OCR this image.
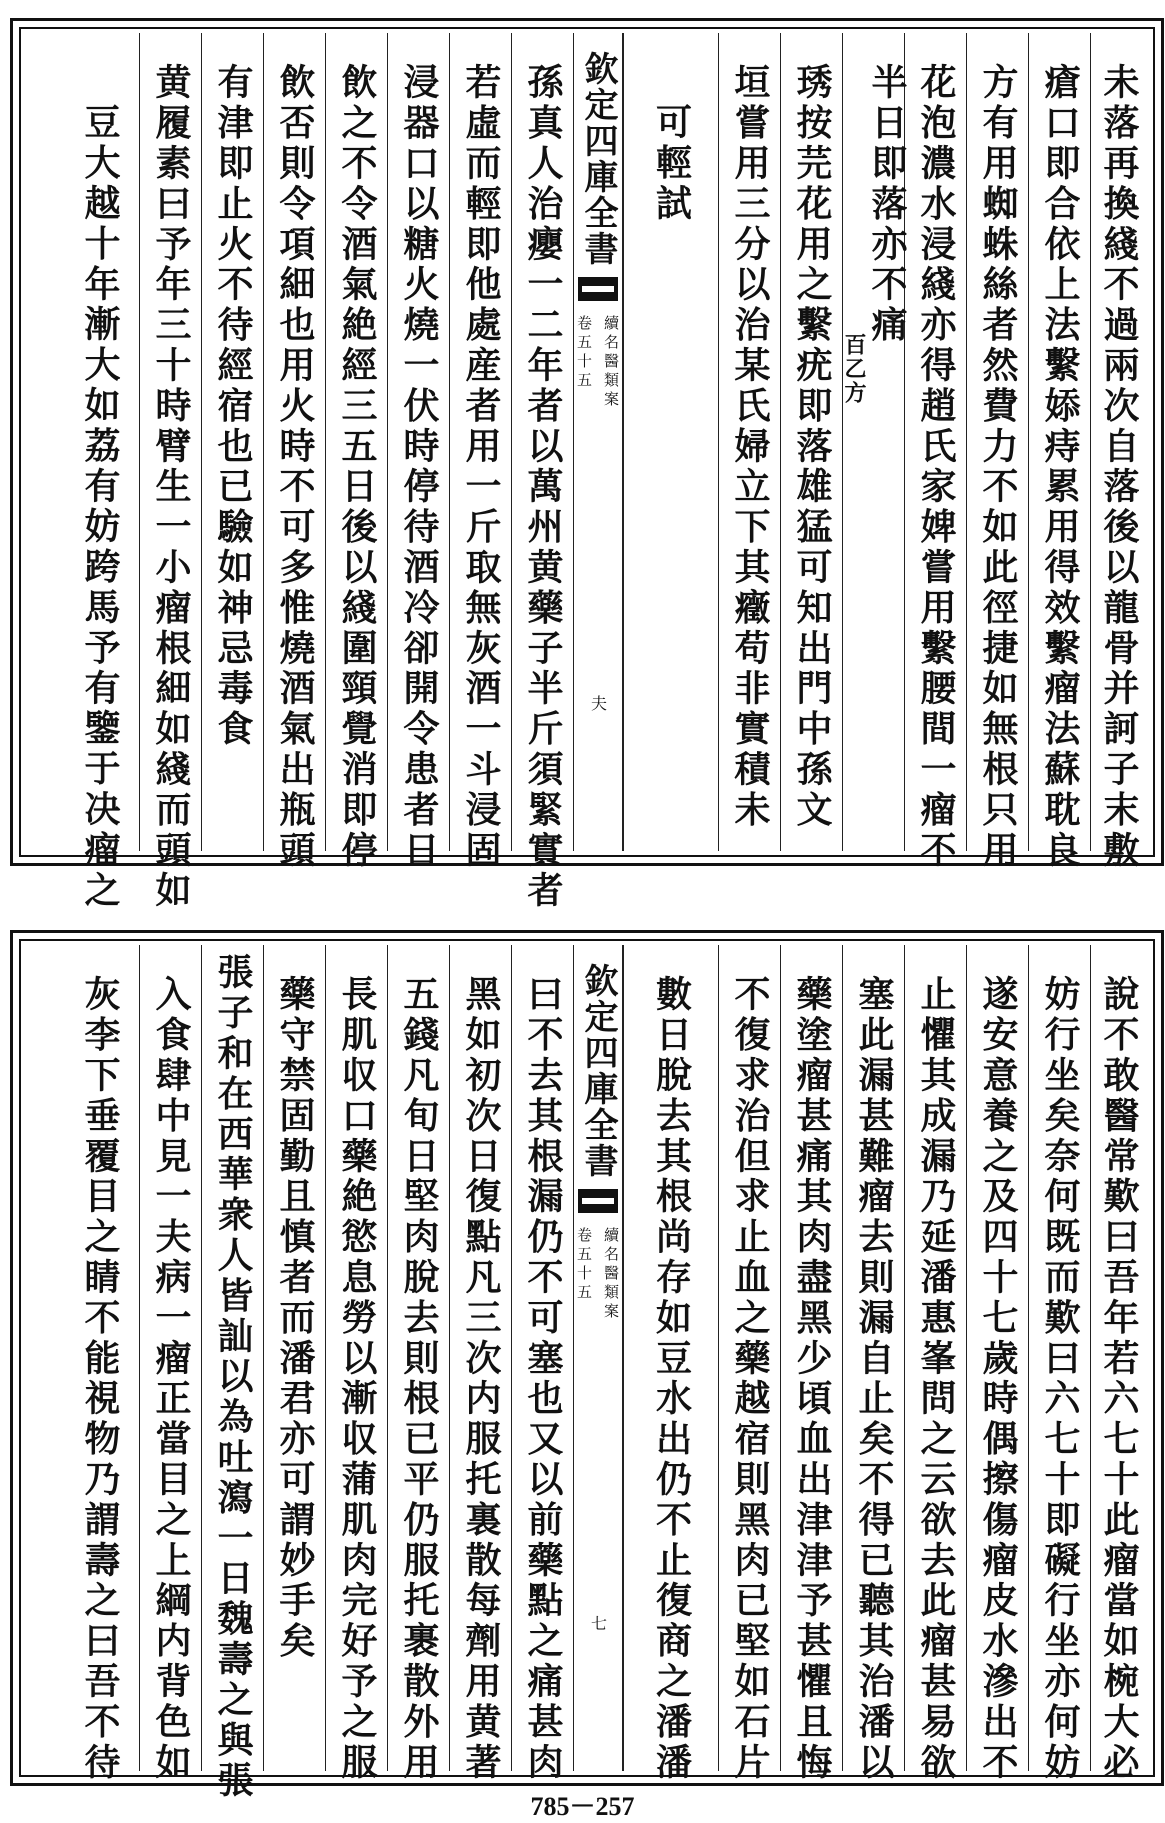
未落再換綫不過兩次自落後以龍骨并訶子末敷
瘡口即合依上法繫婖痔累用得效繫瘤法蘇耽良
方有用蜘蛛絲者然費力不如此徑捷如無根只用
花泡濃水浸綫亦得趙氏家婢嘗用繫腰間一瘤不
百乙方
半日即落亦不痛
琇按芫花用之繫疣即落雄猛可知出門中孫文
垣嘗用三分以治某氏婦立下其癥苟非實積未
可輕試
欽定四庫全書
續名醫類案
卷五十五
夫
孫真人治癭一二年者以萬州黄藥子半斤須緊實者
若虛而輕即他處産者用一斤取無灰酒一斗浸固
浸器口以糖火燒一伏時停待酒冷卻開令患者日
飲之不令酒氣絶經三五日後以綫圍頸覺消即停
飲否則令項細也用火時不可多惟燒酒氣出瓶頭
有津即止火不待經宿也已驗如神忌毒食
黄履素曰予年三十時臂生一小瘤根細如綫而頭如
豆大越十年漸大如荔有妨跨馬予有鑒于决瘤之
說不敢醫常歎曰吾年若六七十此瘤當如椀大必
妨行坐矣奈何既而歎曰六七十即礙行坐亦何妨
遂安意養之及四十七歲時偶擦傷瘤皮水滲出不
止懼其成漏乃延潘惠峯問之云欲去此瘤甚易欲
塞此漏甚難瘤去則漏自止矣不得已聽其治潘以
藥塗瘤甚痛其肉盡黑少頃血出津津予甚懼且悔
不復求治但求止血之藥越宿則黑肉已堅如石片
數日脫去其根尚存如豆水出仍不止復商之潘潘
欽定四庫全書
續名醫類案
卷五十五
七
曰不去其根漏仍不可塞也又以前藥點之痛甚肉
黑如初次日復點凡三次内服托裏散每劑用黄著
五錢凡旬日堅肉脫去則根已平仍服托裹散外用
長肌収口藥絶慾息勞以漸収蒲肌肉完好予之服
藥守禁固勤且慎者而潘君亦可謂妙手矣
張子和在西華衆人皆訕以為吐瀉一日魏壽之與張
入食肆中見一夫病一瘤正當目之上綱内背色如
灰李下垂覆目之睛不能視物乃謂壽之曰吾不待
785－257
